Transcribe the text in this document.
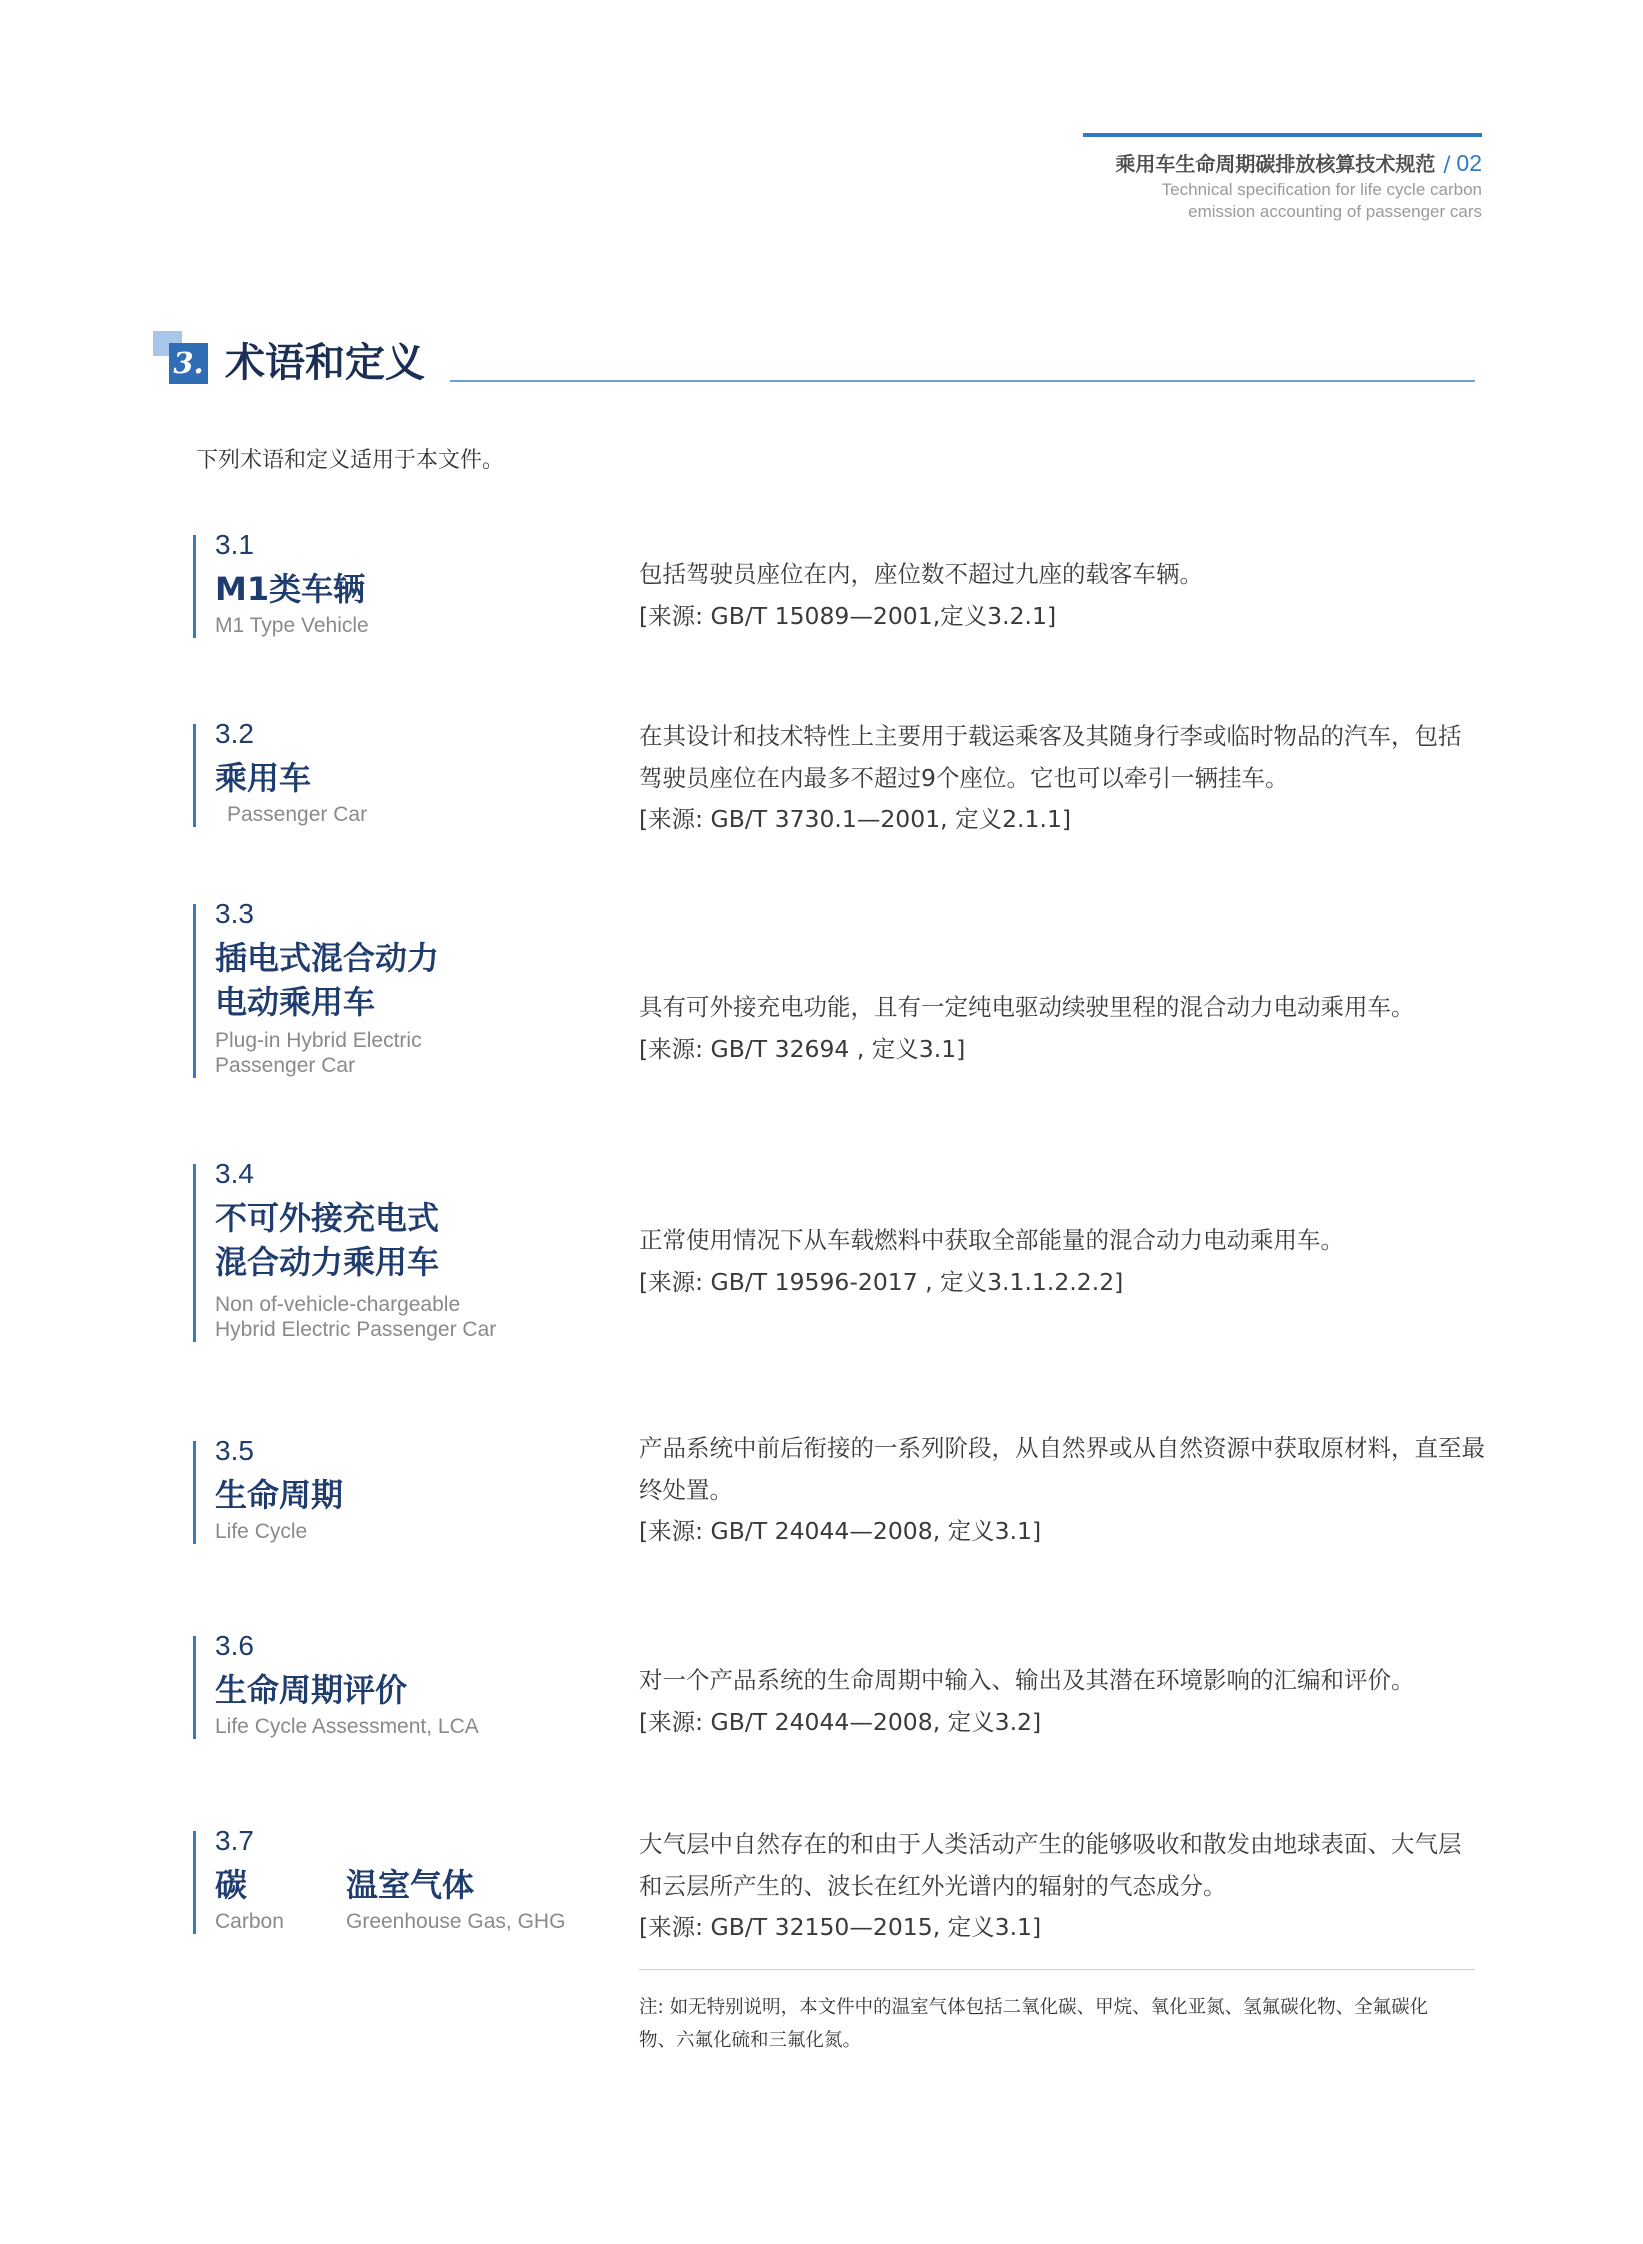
乘用车生命周期碳排放核算技术规范 / 02
Technical specification for life cycle carbon
emission accounting of passenger cars
3. 术语和定义
下列术语和定义适用于本文件。
3.1
M1类车辆
M1 Type Vehicle
包括驾驶员座位在内，座位数不超过九座的载客车辆。
[来源: GB/T 15089—2001,定义3.2.1]
3.2
乘用车
Passenger Car
在其设计和技术特性上主要用于载运乘客及其随身行李或临时物品的汽车，包括
驾驶员座位在内最多不超过9个座位。它也可以牵引一辆挂车。
[来源: GB/T 3730.1—2001, 定义2.1.1]
3.3
插电式混合动力
电动乘用车
Plug-in Hybrid Electric
Passenger Car
具有可外接充电功能，且有一定纯电驱动续驶里程的混合动力电动乘用车。
[来源: GB/T 32694 , 定义3.1]
3.4
不可外接充电式
混合动力乘用车
Non of-vehicle-chargeable
Hybrid Electric Passenger Car
正常使用情况下从车载燃料中获取全部能量的混合动力电动乘用车。
[来源: GB/T 19596-2017 , 定义3.1.1.2.2.2]
3.5
生命周期
Life Cycle
产品系统中前后衔接的一系列阶段，从自然界或从自然资源中获取原材料，直至最
终处置。
[来源: GB/T 24044—2008, 定义3.1]
3.6
生命周期评价
Life Cycle Assessment, LCA
对一个产品系统的生命周期中输入、输出及其潜在环境影响的汇编和评价。
[来源: GB/T 24044—2008, 定义3.2]
3.7
碳
Carbon
温室气体
Greenhouse Gas, GHG
大气层中自然存在的和由于人类活动产生的能够吸收和散发由地球表面、大气层
和云层所产生的、波长在红外光谱内的辐射的气态成分。
[来源: GB/T 32150—2015, 定义3.1]
注: 如无特别说明，本文件中的温室气体包括二氧化碳、甲烷、氧化亚氮、氢氟碳化物、全氟碳化
物、六氟化硫和三氟化氮。
